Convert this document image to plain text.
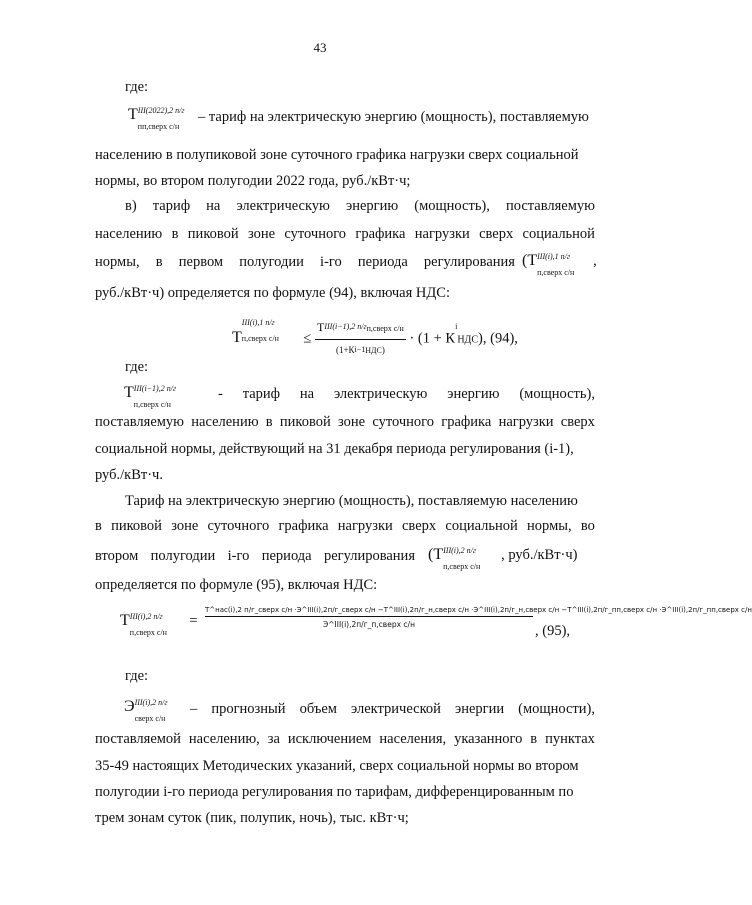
43
где:
Т III(2022),2 п/г
пп,сверх с/н
– тариф на электрическую энергию (мощность), поставляемую
населению в полупиковой зоне суточного графика нагрузки сверх социальной
нормы, во втором полугодии 2022 года, руб./кВт·ч;
в) тариф на электрическую энергию (мощность), поставляемую
населению в пиковой зоне суточного графика нагрузки сверх социальной
нормы, в первом полугодии i-го периода регулирования (Т III(i),1 п/г
п,сверх с/н
,
руб./кВт·ч) определяется по формуле (94), включая НДС:
Т
III(i),1 п/г
п,сверх $с/н \le \frac{Т^{III(i-1),2 п/г}п,сверх с/н}{\text{(1+Кi−1НДС)}} \cdot (1 + К^iНДС)$, (94),
где:
Т III(i−1),2 п/г
п,сверх с/н
- тариф на электрическую энергию (мощность),
поставляемую населению в пиковой зоне суточного графика нагрузки сверх
социальной нормы, действующий на 31 декабря периода регулирования (i-1),
руб./кВт·ч.
Тариф на электрическую энергию (мощность), поставляемую населению
в пиковой зоне суточного графика нагрузки сверх социальной нормы, во
втором полугодии i-го периода регулирования (Т III(i),2 п/г
п,сверх с/н
, руб./кВт·ч)
определяется по формуле (95), включая НДС:
Т III(i),2 п/г
п,сверх с/н
=
Т^нас(i),2 п/г_сверх с/н ·Э^III(i),2п/г_сверх с/н −Т^III(i),2п/г_н,сверх с/н ·Э^III(i),2п/г_н,сверх с/н −Т^III(i),2п/г_пп,сверх с/н ·Э^III(i),2п/г_пп,сверх с/н
Э^III(i),2п/г_п,сверх с/н	, (95),
где:
Э III(i),2 п/г
сверх с/н
– прогнозный объем электрической энергии (мощности),
поставляемой населению, за исключением населения, указанного в пунктах
35-49 настоящих Методических указаний, сверх социальной нормы во втором
полугодии i-го периода регулирования по тарифам, дифференцированным по
трем зонам суток (пик, полупик, ночь), тыс. кВт·ч;
